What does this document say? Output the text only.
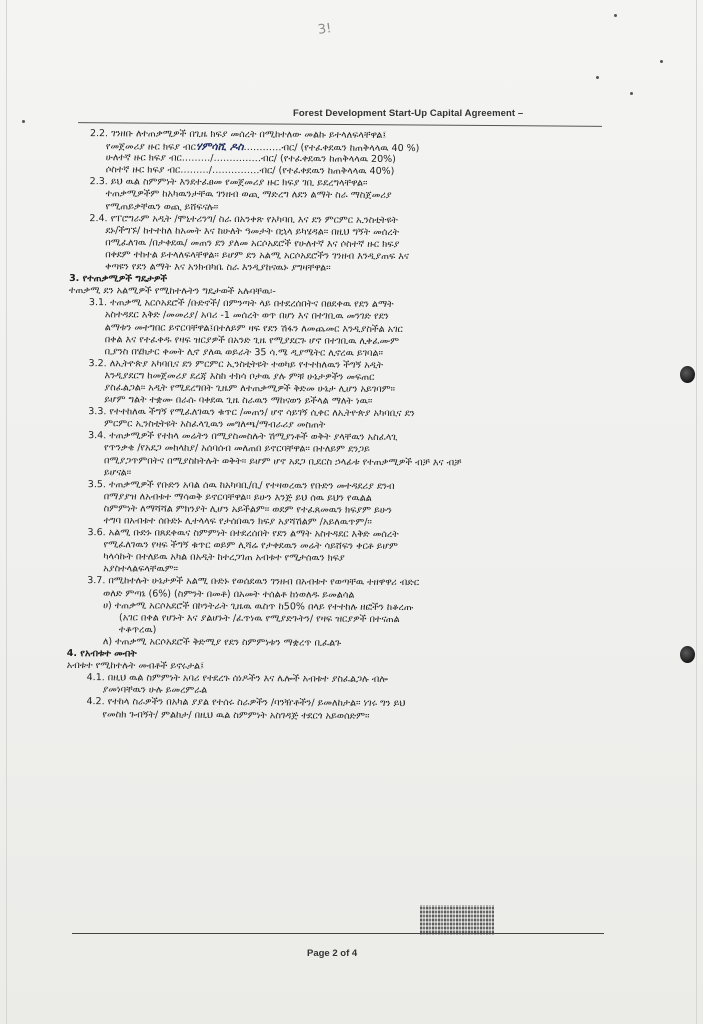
3!
Forest Development Start-Up Capital Agreement –
2.2. ገንዘቡ ለተጠቃሚዎች በጊዜ ክፍያ መሰረት በሚከተለው መልኩ ይተላለፍላቸዋል፤
የመጀመሪያ ዙር ክፍያ ብርሃምሳሺ ዶስ…………ብር/ (የተፈቀደዉን ከጠቅላላዉ 40 %)
ሁለተኛ ዙር ክፍያ ብር………/……………ብር/ (የተፈቀደዉን ከጠቅላላዉ 20%)
ሶስተኛ ዙር ክፍያ ብር………/……………ብር/ (የተፈቀደዉን ከጠቅላላዉ 40%)
2.3. ይህ ዉል ስምምነት እንደተፈፀመ የመጀመሪያ ዙር ክፍያ ገቢ ይደረግላቸዋል።
ተጠቃሚዎችም ከአካዉንታቸዉ ገንዘብ ወጪ ማድረግ ለደን ልማት ስራ ማስጀመሪያ
የሚጠይቃቸዉን ወጪ ይሸፍናሉ፡፡
2.4. የፐሮግራም አዲት /ሞኒተሪንግ/ ስራ በአንቀጽ የአካባቢ እና ደን ምርምር ኢንስቲትዩት
ደኑ/ችግኙ/ ከተተከለ ከአመት እና ከሁለት ዓመታት በኋላ ይካሄዳል፡፡ በዚህ ግኝት መሰረት
በሚፈለገዉ /በታቀደዉ/ መጠን ደን ያለመ አርሶአደሮች የሁለተኛ እና ሶስተኛ ዙር ክፍያ
በቀደም ተከተል ይተላለፍላቸዋል፡፡ ይሆም ደን አልሚ አርሶአደሮችን ገንዘብ እንዲያጠፍ እና
ቀጣዩን የደን ልማት እና አንክብካቤ ስራ እንዲያከናዉኑ ያግዛቸዋል፡፡
3. የተጠቃሚዎች ግዴታዎች
ተጠቃሚ ደን አልሚዎች የሚከተሉትን ግዴታወች አሉባቸዉ፡-
3.1. ተጠቃሚ አርሶአደሮች /ቡድኖች/ በምንጣት ላይ በተደረሰበትና በፀደቀዉ የደን ልማት
አስተዳደር እቅድ /መመሪያ/ አባሪ -1 መሰረት ወጥ በሆነ እና በተገቢዉ መንገድ የደን
ልማቱን መተግበር ይኖርባቸዋል፤በተለይም ዛፍ የደን ሽፋን ለመጨመር እንዲያስችል አገር
በቀል እና የተፈቀዱ የዛፍ ዝርያዎች በአንድ ጊዜ የሚያደርጉ ሆኖ በተገቢዉ ሊቀፈሙም
ቢያንስ በሄክታር ቀመት ሊኖ ያለዉ ወይራት 35 ሳ.ሜ ዲያሜትር ሊኖረዉ ይገባል፡፡
3.2. ለኢትዮጵያ አካባቢና ደን ምርምር ኢንስቲትዩት ተወካይ የተተከለዉን ችግኝ አዲት
እንዲያደርግ ከመጀመሪያ ደረጃ እስከ ተክሳ ቦታዉ ያሉ ምቹ ሁኔታዎችን መፍጠር
ያስፈልጋል፡፡ አዲት የሚደረግበት ጊዜም ለተጠቃሚዎች ቅድመ ሁኔታ ሊሆን አይገባም፡፡
ይሆም ግልት ተቋሙ በራሱ ባቀደዉ ጊዜ ስራዉን ማከናወን ይችላል ማለት ነዉ፡፡
3.3. የተተከለዉ ችግኝ የሚፈለገዉን ቁጥር /መጠን/ ሆኖ ሳይገኝ ሲቀር ለኢትዮጵያ አካባቢና ደን
ምርምር ኢንስቲትዩት አስፈላጊዉን መግለጫ/ማብራሪያ መስጠት
3.4. ተጠቃሚዎች የተከላ መሬትን በሚያስመስሉት ሽሚያነቶች ወቅት ያላቸዉን አስፈላጊ
የጥንቃቄ /የአደጋ መከላከያ/ አሰባሰብ መለጠበ ይኖርባቸዋል፡፡ በተለይም ደንጋይ
በሚያጋጥምበትና በሚያስከትሉት ወቅት፡፡ ይሆም ሆኖ አደጋ ቢደርስ ኃላፊቱ የተጠቃሚዎች ብቻ እና ብቻ
ይሆናል፡፡
3.5. ተጠቃሚዎች የቡድን አባል ሰዉ ከአካባቢ/ቢ/ የተዛወረዉን የቡድን መተዳደሪያ ደንብ
በማያያዝ ለአብቱተ ማሳወቅ ይኖርባቸዋል፡፡ ይሁን እንጅ ይህ ሰዉ ይህን የዉልል
ስምምነት ለማሻሻል ምክንያት ሊሆን አይችልም፡፡ ወደም የተፈጸመዉን ክፍያም ይሁን
ተግባ በአብቱተ ሰቡድኑ ሊተላላፍ የታሰበዉን ክፍያ አያሻሽልም /አይለዉጥም/፡፡
3.6. አልሚ ቡድኑ በጸደቀዉና ስምምነት በተደረሰበት የደን ልማት አስተዳደር እቅድ መሰረት
የሚፈለገዉን የዛፍ ችግኝ ቁጥር ወይም ሊሻሬ የታቀደዉን መሬት ሳይሸፍን ቀርቶ ይሆም
ካላሳኩት በተለይዉ አካል በአዲት ከተረጋገጠ አብቱተ የሚታሰዉን ክፍያ
አያስተላልፍላቸዉም፡፡
3.7. በሚከተሉት ሁኔታዎች አልሚ ቡድኑ የወሰደዉን ገንዘብ በአብቱተ የወጣቸዉ ተዘዋዋሪ ብድር
ወለድ ምጣኔ (6%) (ስምንት በመቶ) በአመት ተሰልቶ ከነወለዱ ይመልሳል
ሀ) ተጠቃሚ አርሶአደሮች በኮንትራት ጊዜዉ ዉስጥ ከ50% በላይ የተተከሉ ዘፎችን ከቆረጡ
(አገር በቀል የሆኑት እና ያልሆኑት /ፈጥነዉ የሚያድጉትን/ የዛፍ ዝርያዎች በተናጠል
ተቆጥረዉ)
ለ) ተጠቃሚ አርሶአደሮች ቅድሚያ የደን ስምምነቱን ማቋረጥ ቢፈልጉ
4. የአብቱተ መብት
አብቱተ የሚከተሉት መብቶች ይኖሩታል፤
4.1. በዚህ ዉል ስምምነት አባሪ የተደረጉ ሰነዶችን እና ሌሎች አብቱተ ያስፈልጋሉ ብሎ
ያመነባቸዉን ሁሉ ይመረምራል
4.2. የተከላ ስራዎችን በአካል ያያል የተሰሩ ስራዎችን /ባንዥቶችን/ ይመለከታል፡፡ ነገሩ ግን ይህ
የመስክ ጉብኝት/ ምልከታ/ በዚህ ዉል ስምምነት አስገዳጅ ተደርጎ አይወሰድም፡፡
Page 2 of 4
